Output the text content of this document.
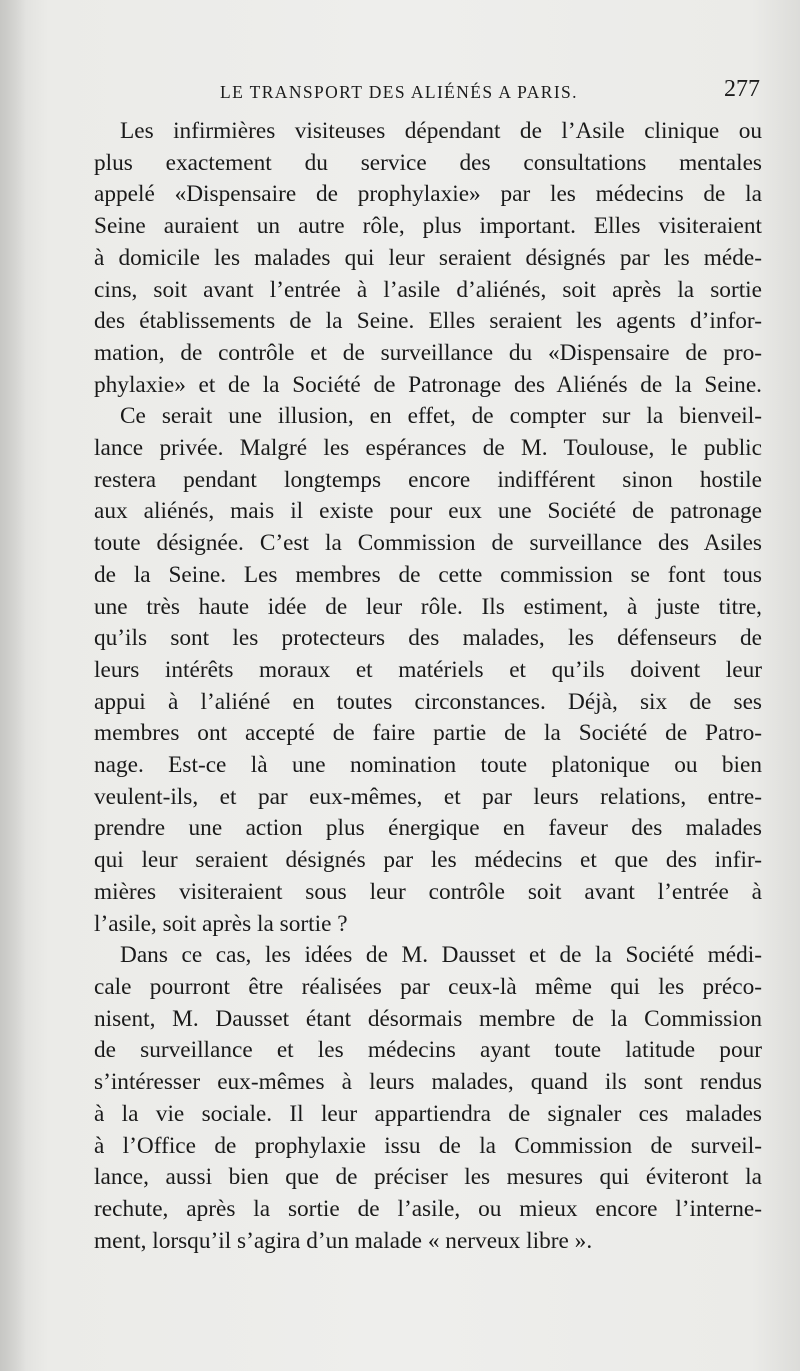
LE TRANSPORT DES ALIÉNÉS A PARIS.	277

Les infirmières visiteuses dépendant de l’Asile clinique ou
plus exactement du service des consultations mentales
appelé «Dispensaire de prophylaxie» par les médecins de la
Seine auraient un autre rôle, plus important. Elles visiteraient
à domicile les malades qui leur seraient désignés par les méde-
cins, soit avant l’entrée à l’asile d’aliénés, soit après la sortie
des établissements de la Seine. Elles seraient les agents d’infor-
mation, de contrôle et de surveillance du «Dispensaire de pro-
phylaxie» et de la Société de Patronage des Aliénés de la Seine.

Ce serait une illusion, en effet, de compter sur la bienveil-
lance privée. Malgré les espérances de M. Toulouse, le public
restera pendant longtemps encore indifférent sinon hostile
aux aliénés, mais il existe pour eux une Société de patronage
toute désignée. C’est la Commission de surveillance des Asiles
de la Seine. Les membres de cette commission se font tous
une très haute idée de leur rôle. Ils estiment, à juste titre,
qu’ils sont les protecteurs des malades, les défenseurs de
leurs intérêts moraux et matériels et qu’ils doivent leur
appui à l’aliéné en toutes circonstances. Déjà, six de ses
membres ont accepté de faire partie de la Société de Patro-
nage. Est-ce là une nomination toute platonique ou bien
veulent-ils, et par eux-mêmes, et par leurs relations, entre-
prendre une action plus énergique en faveur des malades
qui leur seraient désignés par les médecins et que des infir-
mières visiteraient sous leur contrôle soit avant l’entrée à
l’asile, soit après la sortie ?

Dans ce cas, les idées de M. Dausset et de la Société médi-
cale pourront être réalisées par ceux-là même qui les préco-
nisent, M. Dausset étant désormais membre de la Commission
de surveillance et les médecins ayant toute latitude pour
s’intéresser eux-mêmes à leurs malades, quand ils sont rendus
à la vie sociale. Il leur appartiendra de signaler ces malades
à l’Office de prophylaxie issu de la Commission de surveil-
lance, aussi bien que de préciser les mesures qui éviteront la
rechute, après la sortie de l’asile, ou mieux encore l’interne-
ment, lorsqu’il s’agira d’un malade « nerveux libre ».
